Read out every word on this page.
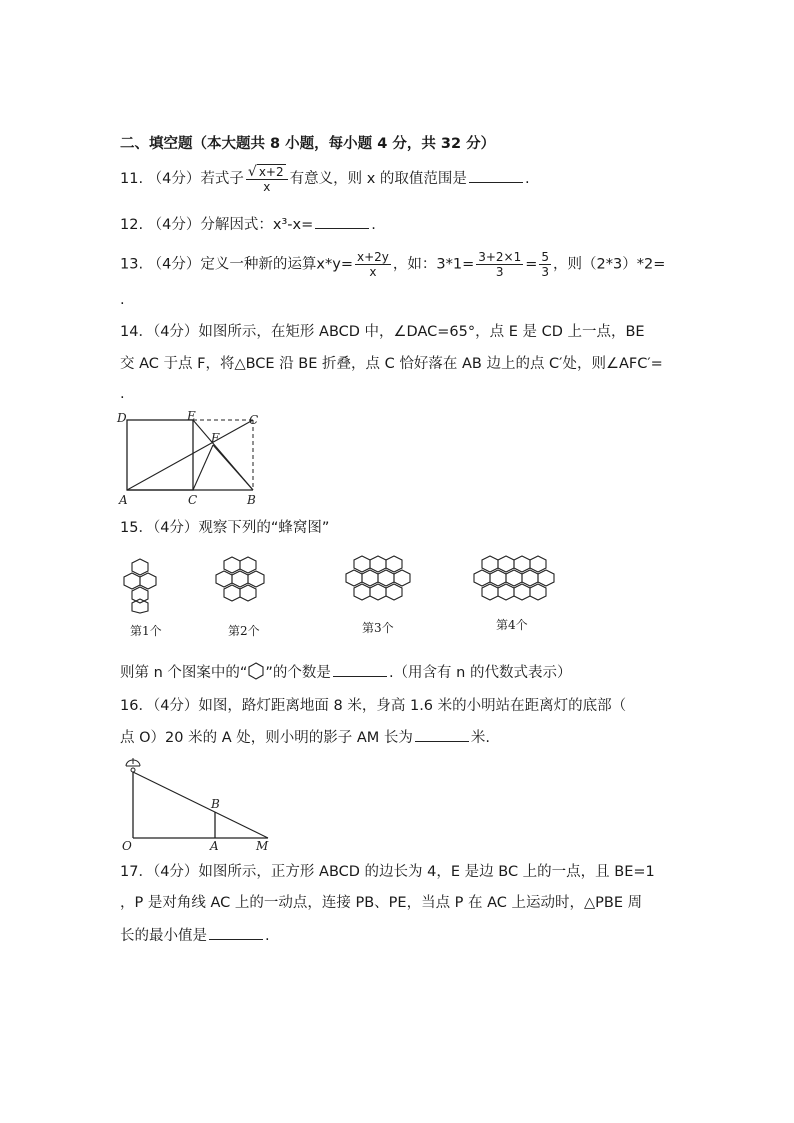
二、填空题（本大题共 8 小题，每小题 4 分，共 32 分）
11. （4分）若式子 $\frac{√ x+2}{x}$ 有意义，则 x 的取值范围是	.
12. （4分）分解因式：x³-x=	.
13. （4分）定义一种新的运算$x*y= \frac{x+2y}{x}$ ，如：$3*1= \frac{3+2\times 1}{3} = \frac{5}{3}$ ，则（2*3）*2=
.
14．（4分）如图所示，在矩形 ABCD 中，∠DAC=65°，点 E 是 CD 上一点，BE
交 AC 于点 F，将△BCE 沿 BE 折叠，点 C 恰好落在 AB 边上的点 C′处，则∠AFC′=
.
D	E	C
F
A	C	B
15．（4分）观察下列的“蜂窝图”
第1个	第2个	第3个	第4个
则第 n 个图案中的“ ”的个数是	.（用含有 n 的代数式表示）
16．（4分）如图，路灯距离地面 8 米，身高 1.6 米的小明站在距离灯的底部（
点 O）20 米的 A 处，则小明的影子 AM 长为	米.
O	A	M
B
17．（4分）如图所示，正方形 ABCD 的边长为 4，E 是边 BC 上的一点，且 BE=1
，P 是对角线 AC 上的一动点，连接 PB、PE，当点 P 在 AC 上运动时，△PBE 周
长的最小值是	.
